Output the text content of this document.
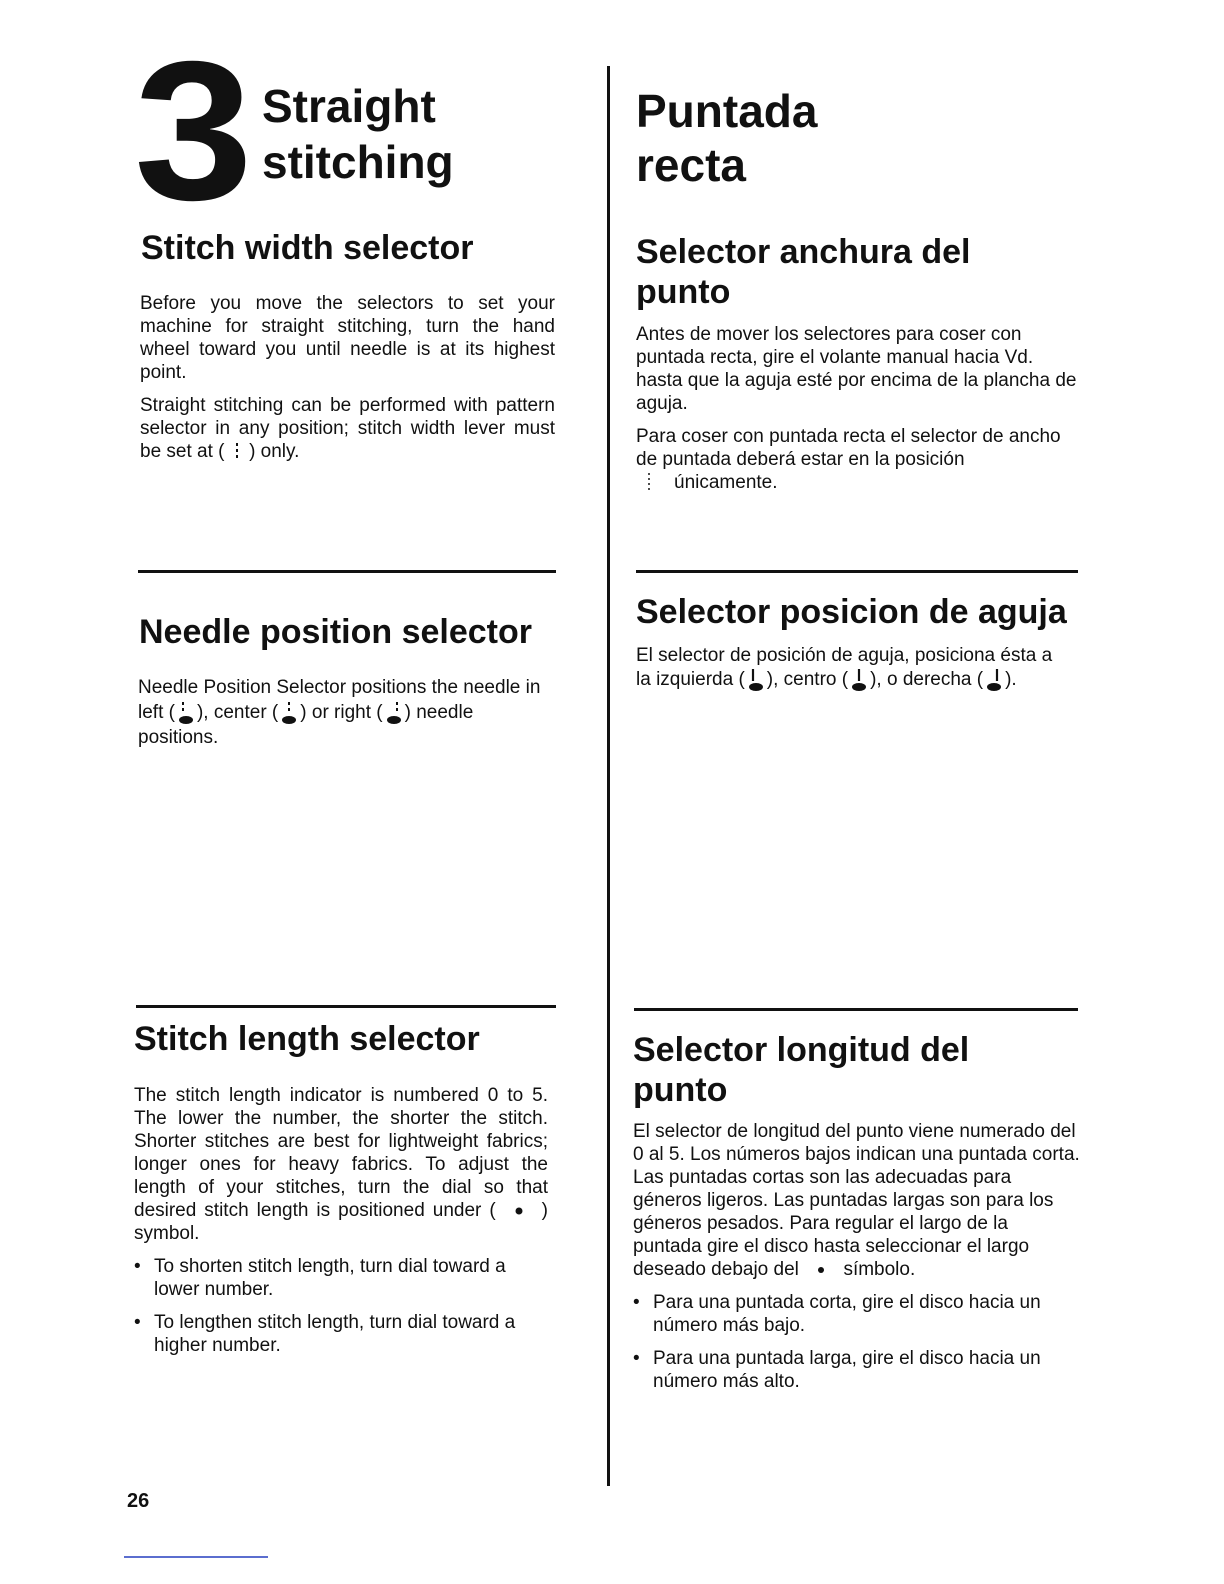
3 Straight
stitching
Puntada
recta
Stitch width selector

Before you move the selectors to set your machine for straight stitching, turn the hand wheel toward you until needle is at its highest point.

Straight stitching can be performed with pattern selector in any position; stitch width lever must be set at ( ) only.

Selector anchura del
punto

Antes de mover los selectores para coser con puntada recta, gire el volante manual hacia Vd. hasta que la aguja esté por encima de la plancha de aguja.

Para coser con puntada recta el selector de ancho de puntada deberá estar en la posición
únicamente.

Needle position selector
Needle Position Selector positions the needle in left ( ), center ( ) or right ( ) needle positions.
Selector posicion de aguja
El selector de posición de aguja, posiciona ésta a la izquierda ( ), centro ( ), o derecha ( ).
Stitch length selector

The stitch length indicator is numbered 0 to 5. The lower the number, the shorter the stitch. Shorter stitches are best for lightweight fabrics; longer ones for heavy fabrics. To adjust the length of your stitches, turn the dial so that desired stitch length is positioned under ( ) symbol.

• To shorten stitch length, turn dial toward a lower number.
• To lengthen stitch length, turn dial toward a higher number.
Selector longitud del
punto

El selector de longitud del punto viene numerado del 0 al 5. Los números bajos indican una puntada corta. Las puntadas cortas son las adecuadas para géneros ligeros. Las puntadas largas son para los géneros pesados. Para regular el largo de la puntada gire el disco hasta seleccionar el largo deseado debajo del símbolo.

• Para una puntada corta, gire el disco hacia un número más bajo.
• Para una puntada larga, gire el disco hacia un número más alto.
26
